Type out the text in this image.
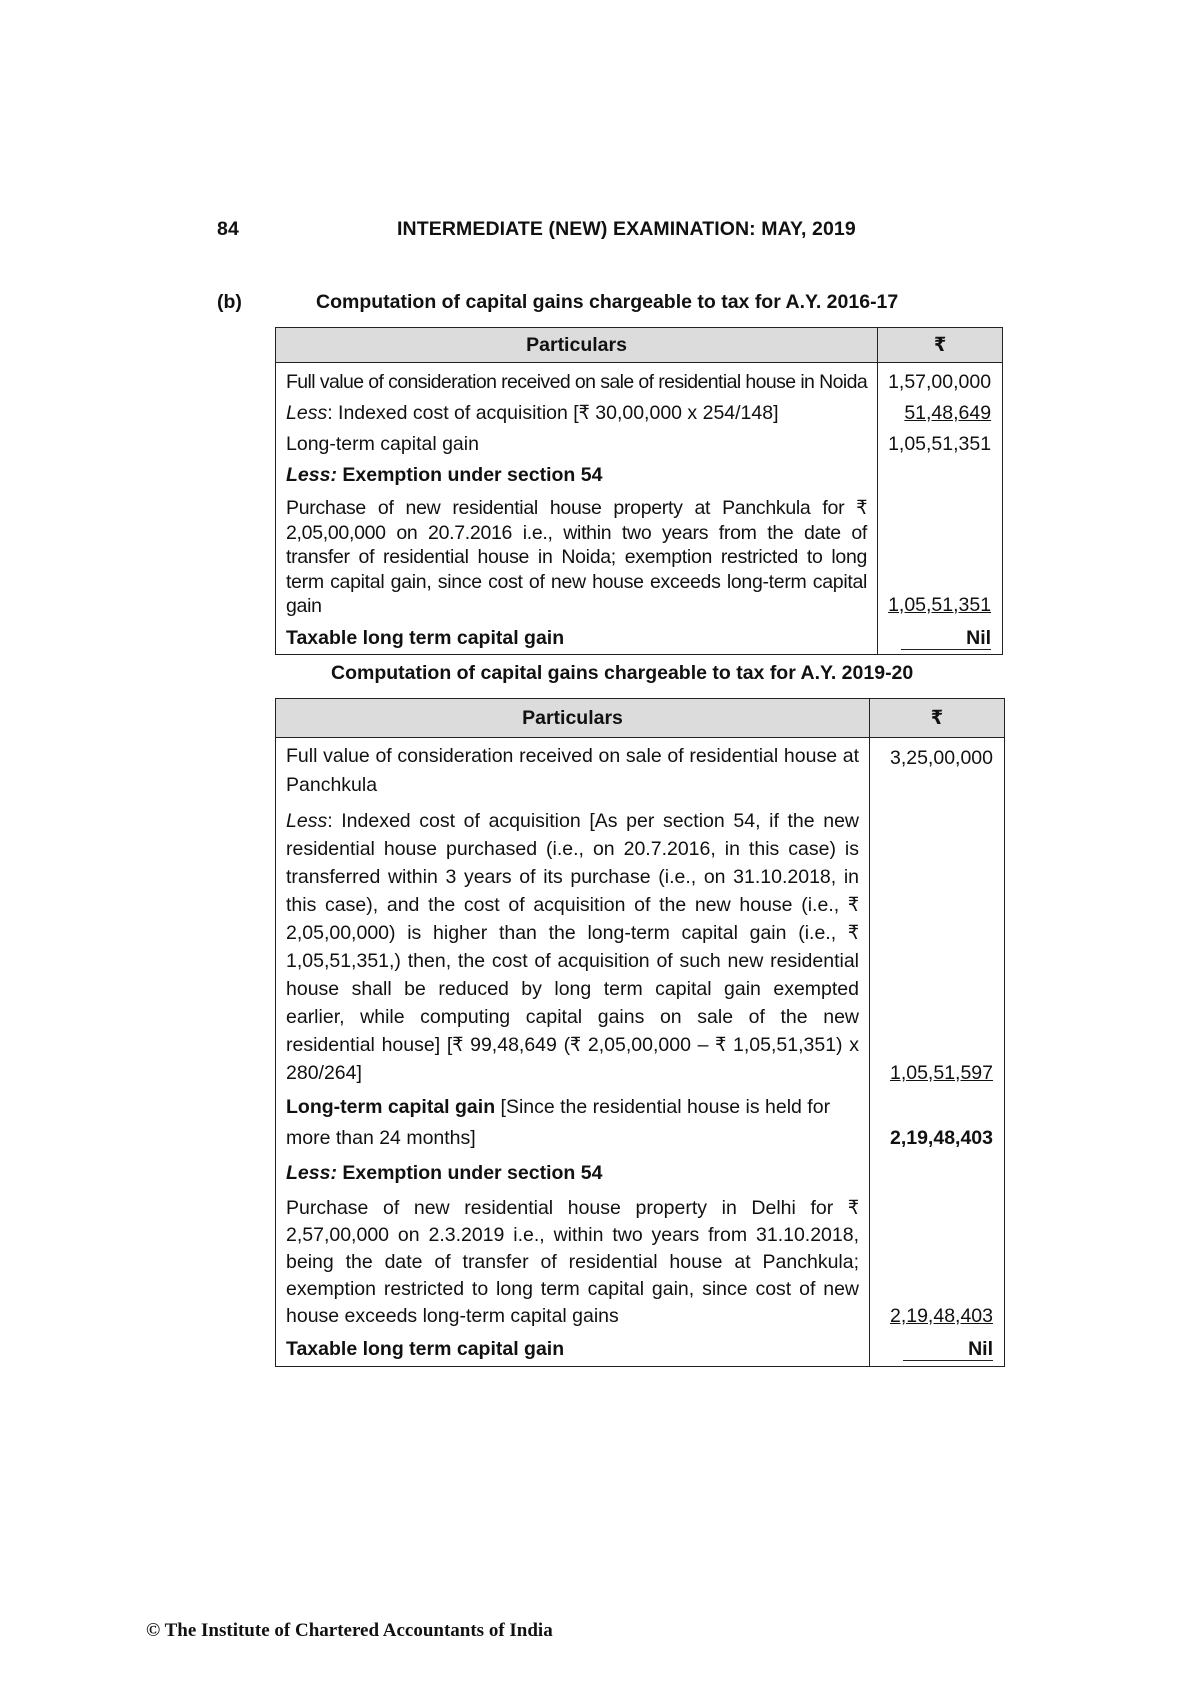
84	INTERMEDIATE (NEW) EXAMINATION: MAY, 2019
(b)	Computation of capital gains chargeable to tax for A.Y. 2016-17
Particulars	₹
Full value of consideration received on sale of residential house in Noida	1,57,00,000
Less: Indexed cost of acquisition [₹ 30,00,000 x 254/148]	51,48,649
Long-term capital gain	1,05,51,351
Less: Exemption under section 54	
Purchase of new residential house property at Panchkula for ₹ 2,05,00,000 on 20.7.2016 i.e., within two years from the date of transfer of residential house in Noida; exemption restricted to long term capital gain, since cost of new house exceeds long-term capital gain	1,05,51,351
Taxable long term capital gain	Nil
Computation of capital gains chargeable to tax for A.Y. 2019-20
Particulars	₹
Full value of consideration received on sale of residential house at Panchkula	3,25,00,000
Less: Indexed cost of acquisition [As per section 54, if the new residential house purchased (i.e., on 20.7.2016, in this case) is transferred within 3 years of its purchase (i.e., on 31.10.2018, in this case), and the cost of acquisition of the new house (i.e., ₹ 2,05,00,000) is higher than the long-term capital gain (i.e., ₹ 1,05,51,351,) then, the cost of acquisition of such new residential house shall be reduced by long term capital gain exempted earlier, while computing capital gains on sale of the new residential house] [₹ 99,48,649 (₹ 2,05,00,000 – ₹ 1,05,51,351) x 280/264]	1,05,51,597
Long-term capital gain [Since the residential house is held for more than 24 months]	2,19,48,403
Less: Exemption under section 54	
Purchase of new residential house property in Delhi for ₹ 2,57,00,000 on 2.3.2019 i.e., within two years from 31.10.2018, being the date of transfer of residential house at Panchkula; exemption restricted to long term capital gain, since cost of new house exceeds long-term capital gains	2,19,48,403
Taxable long term capital gain	Nil
© The Institute of Chartered Accountants of India
